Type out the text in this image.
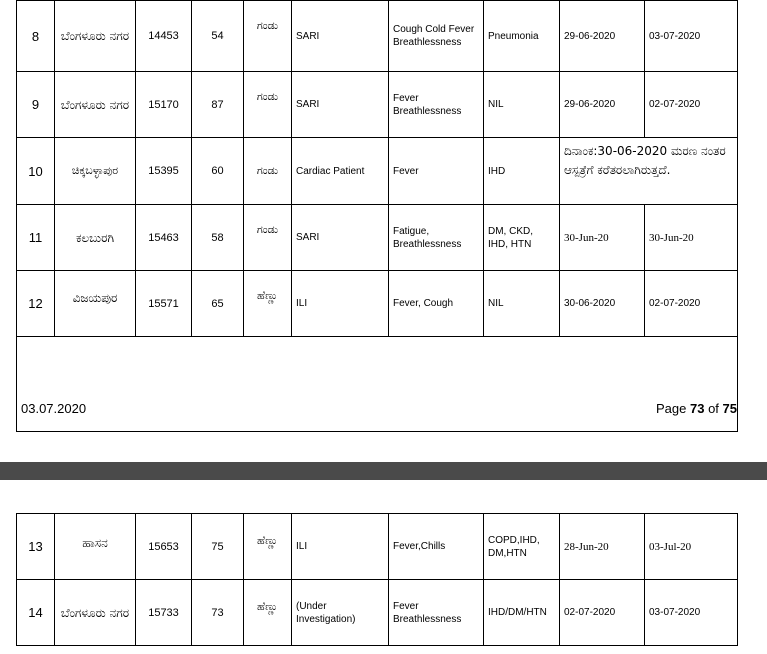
8	ಬೆಂಗಳೂರು ನಗರ	14453	54	ಗಂಡು	SARI	Cough Cold Fever Breathlessness	Pneumonia	29-06-2020	03-07-2020
9	ಬೆಂಗಳೂರು ನಗರ	15170	87	ಗಂಡು	SARI	Fever Breathlessness	NIL	29-06-2020	02-07-2020
10	ಚಿಕ್ಕಬಳ್ಳಾಪುರ	15395	60	ಗಂಡು	Cardiac Patient	Fever	IHD	ದಿನಾಂಕ:30-06-2020 ಮರಣ ನಂತರ ಆಸ್ಪತ್ರೆಗೆ ಕರೆತರಲಾಗಿರುತ್ತದೆ.	
11	ಕಲಬುರಗಿ	15463	58	ಗಂಡು	SARI	Fatigue, Breathlessness	DM, CKD, IHD, HTN	30-Jun-20	30-Jun-20
12	ವಿಜಯಪುರ	15571	65	ಹೆಣ್ಣು	ILI	Fever, Cough	NIL	30-06-2020	02-07-2020

03.07.2020	Page 73 of 75
13	ಹಾಸನ	15653	75	ಹೆಣ್ಣು	ILI	Fever,Chills	COPD,IHD, DM,HTN	28-Jun-20	03-Jul-20
14	ಬೆಂಗಳೂರು ನಗರ	15733	73	ಹೆಣ್ಣು	(Under Investigation)	Fever Breathlessness	IHD/DM/HTN	02-07-2020	03-07-2020
